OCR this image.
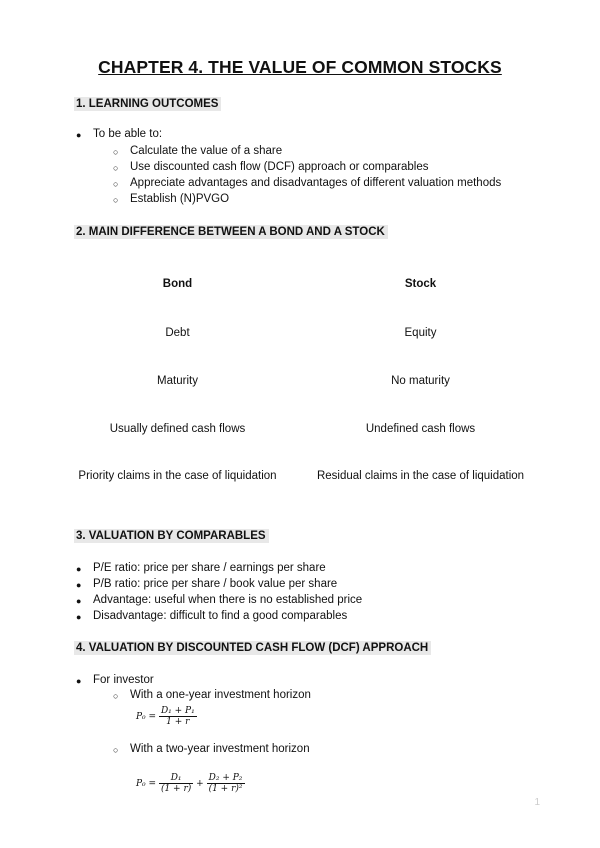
CHAPTER 4. THE VALUE OF COMMON STOCKS
1. LEARNING OUTCOMES
● To be able to:
○ Calculate the value of a share
○ Use discounted cash flow (DCF) approach or comparables
○ Appreciate advantages and disadvantages of different valuation methods
○ Establish (N)PVGO
2. MAIN DIFFERENCE BETWEEN A BOND AND A STOCK
Bond	Stock
Debt	Equity
Maturity	No maturity
Usually defined cash flows	Undefined cash flows
Priority claims in the case of liquidation	Residual claims in the case of liquidation
3. VALUATION BY COMPARABLES
● P/E ratio: price per share / earnings per share
● P/B ratio: price per share / book value per share
● Advantage: useful when there is no established price
● Disadvantage: difficult to find a good comparables
4. VALUATION BY DISCOUNTED CASH FLOW (DCF) APPROACH
● For investor
○ With a one-year investment horizon
$P_0 = \frac{\text{D₁ + P₁}}{1 + r}$
○ With a two-year investment horizon
$P_0 = \frac{\text{D₁}}{(1 + r)} + \frac{\text{D₂ + P₂}}{\text{(1 + r)²}}$
1
